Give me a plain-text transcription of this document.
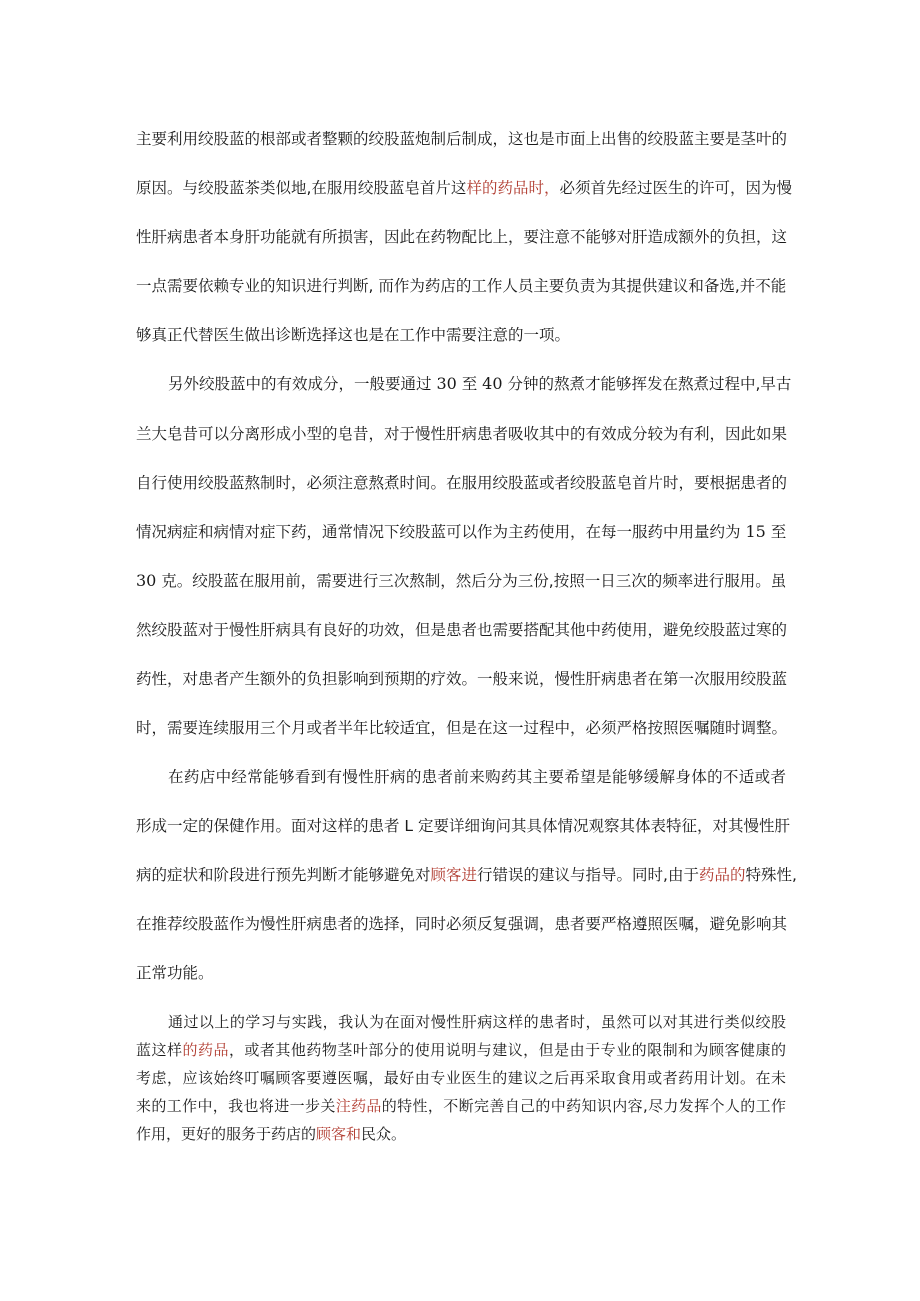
主要利用绞股蓝的根部或者整颗的绞股蓝炮制后制成，这也是市面上出售的绞股蓝主要是茎叶的
原因。与绞股蓝茶类似地,在服用绞股蓝皂首片这样的药品时，必须首先经过医生的许可，因为慢
性肝病患者本身肝功能就有所损害，因此在药物配比上，要注意不能够对肝造成额外的负担，这
一点需要依赖专业的知识进行判断, 而作为药店的工作人员主要负责为其提供建议和备选,并不能
够真正代替医生做出诊断选择这也是在工作中需要注意的一项。
另外绞股蓝中的有效成分，一般要通过 30 至 40 分钟的熬煮才能够挥发在熬煮过程中,早古
兰大皂昔可以分离形成小型的皂昔，对于慢性肝病患者吸收其中的有效成分较为有利，因此如果
自行使用绞股蓝熬制时，必须注意熬煮时间。在服用绞股蓝或者绞股蓝皂首片时，要根据患者的
情况病症和病情对症下药，通常情况下绞股蓝可以作为主药使用，在每一服药中用量约为 15 至
30 克。绞股蓝在服用前，需要进行三次熬制，然后分为三份,按照一日三次的频率进行服用。虽
然绞股蓝对于慢性肝病具有良好的功效，但是患者也需要搭配其他中药使用，避免绞股蓝过寒的
药性，对患者产生额外的负担影响到预期的疗效。一般来说，慢性肝病患者在第一次服用绞股蓝
时，需要连续服用三个月或者半年比较适宜，但是在这一过程中，必须严格按照医嘱随时调整。
在药店中经常能够看到有慢性肝病的患者前来购药其主要希望是能够缓解身体的不适或者
形成一定的保健作用。面对这样的患者 L 定要详细询问其具体情况观察其体表特征，对其慢性肝
病的症状和阶段进行预先判断才能够避免对顾客进行错误的建议与指导。同时,由于药品的特殊性,
在推荐绞股蓝作为慢性肝病患者的选择，同时必须反复强调，患者要严格遵照医嘱，避免影响其
正常功能。
通过以上的学习与实践，我认为在面对慢性肝病这样的患者时，虽然可以对其进行类似绞股
蓝这样的药品，或者其他药物茎叶部分的使用说明与建议，但是由于专业的限制和为顾客健康的
考虑，应该始终叮嘱顾客要遵医嘱，最好由专业医生的建议之后再采取食用或者药用计划。在未
来的工作中，我也将进一步关注药品的特性，不断完善自己的中药知识内容,尽力发挥个人的工作
作用，更好的服务于药店的顾客和民众。
